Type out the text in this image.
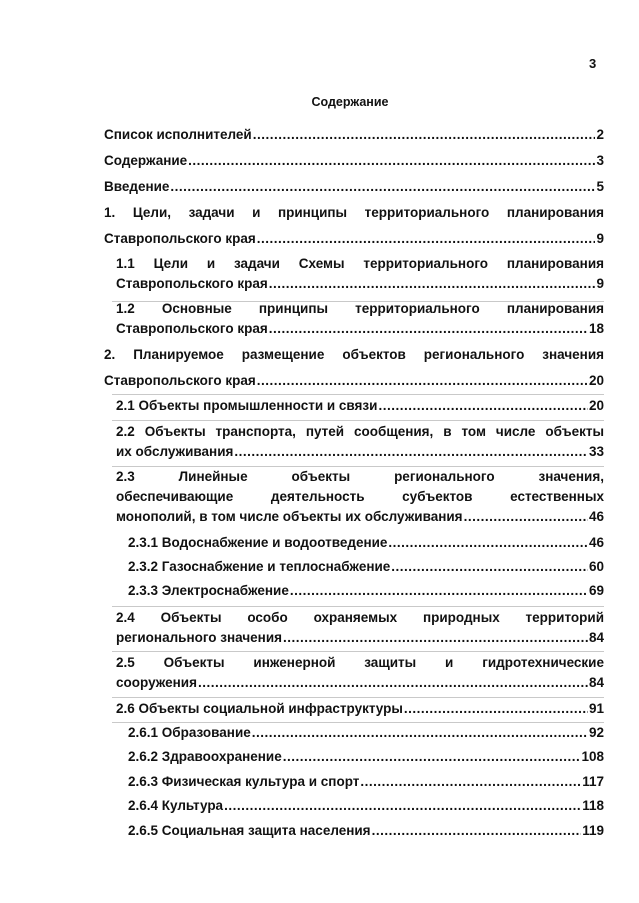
3
Содержание
Список исполнителей .....	2
Содержание .....	3
Введение .....	5
1. Цели, задачи и принципы территориального планирования
Ставропольского края .....	9
1.1 Цели и задачи Схемы территориального планирования
Ставропольского края .....	9
1.2 Основные принципы территориального планирования
Ставропольского края .....	18
2. Планируемое размещение объектов регионального значения
Ставропольского края .....	20
2.1 Объекты промышленности и связи .....	20
2.2 Объекты транспорта, путей сообщения, в том числе объекты
их обслуживания .....	33
2.3 Линейные объекты регионального значения,
обеспечивающие деятельность субъектов естественных
монополий, в том числе объекты их обслуживания .....	46
2.3.1 Водоснабжение и водоотведение .....	46
2.3.2 Газоснабжение и теплоснабжение .....	60
2.3.3 Электроснабжение .....	69
2.4 Объекты особо охраняемых природных территорий
регионального значения .....	84
2.5 Объекты инженерной защиты и гидротехнические
сооружения .....	84
2.6 Объекты социальной инфраструктуры .....	91
2.6.1 Образование .....	92
2.6.2 Здравоохранение .....	108
2.6.3 Физическая культура и спорт .....	117
2.6.4 Культура .....	118
2.6.5 Социальная защита населения .....	119
